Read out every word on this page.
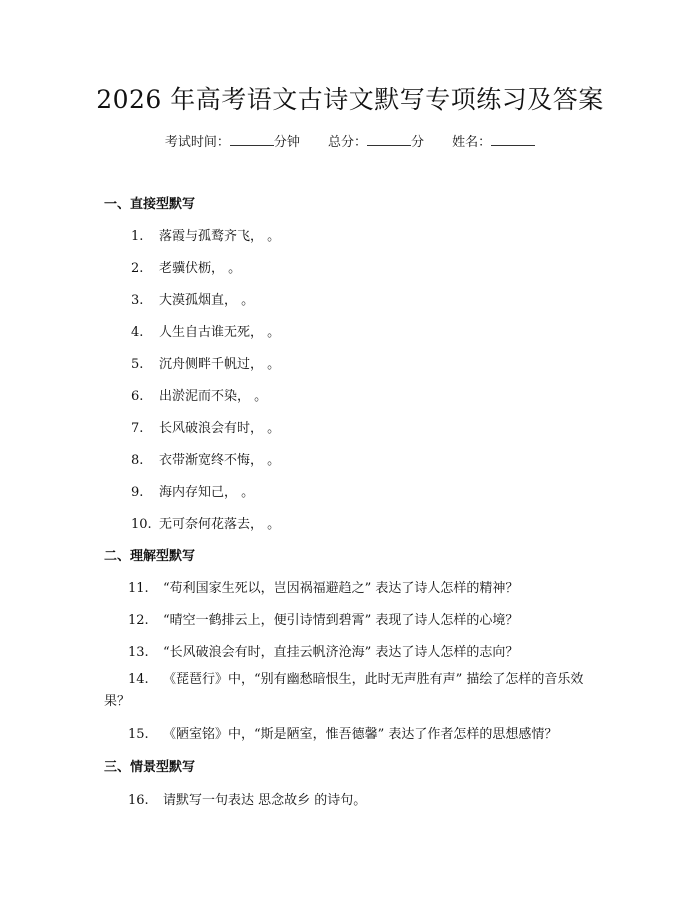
2026 年高考语文古诗文默写专项练习及答案
考试时间：	分钟 总分：	分 姓名：
一、直接型默写
1. 落霞与孤鹜齐飞， 。
2. 老骥伏枥， 。
3. 大漠孤烟直， 。
4. 人生自古谁无死， 。
5. 沉舟侧畔千帆过， 。
6. 出淤泥而不染， 。
7. 长风破浪会有时， 。
8. 衣带渐宽终不悔， 。
9. 海内存知己， 。
10. 无可奈何花落去， 。
二、理解型默写
11. “苟利国家生死以，岂因祸福避趋之” 表达了诗人怎样的精神？
12. “晴空一鹤排云上，便引诗情到碧霄” 表现了诗人怎样的心境？
13. “长风破浪会有时，直挂云帆济沧海” 表达了诗人怎样的志向？
14. 《琵琶行》中，“别有幽愁暗恨生，此时无声胜有声” 描绘了怎样的音乐效果？
15. 《陋室铭》中，“斯是陋室，惟吾德馨” 表达了作者怎样的思想感情？
三、情景型默写
16. 请默写一句表达 思念故乡 的诗句。
